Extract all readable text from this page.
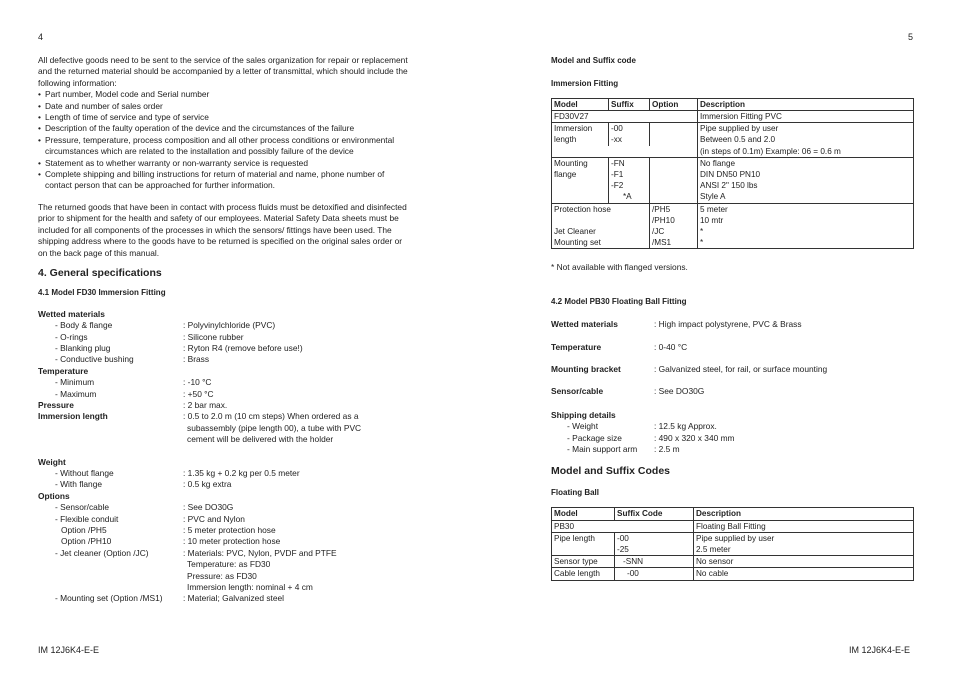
4

All defective goods need to be sent to the service of the sales organization for repair or replacement and the returned material should be accompanied by a letter of transmittal, which should include the following information:

• Part number, Model code and Serial number
• Date and number of sales order
• Length of time of service and type of service
• Description of the faulty operation of the device and the circumstances of the failure
• Pressure, temperature, process composition and all other process conditions or environmental circumstances which are related to the installation and possibly failure of the device
• Statement as to whether warranty or non-warranty service is requested
• Complete shipping and billing instructions for return of material and name, phone number of contact person that can be approached for further information.

The returned goods that have been in contact with process fluids must be detoxified and disinfected prior to shipment for the health and safety of our employees. Material Safety Data sheets must be included for all components of the processes in which the sensors/ fittings have been used. The shipping address where to the goods have to be returned is specified on the original sales order or on the back page of this manual.

4. General specifications

4.1 Model FD30 Immersion Fitting

Wetted materials

- Body & flange	: Polyvinylchloride (PVC)
- O-rings	: Silicone rubber
- Blanking plug	: Ryton R4 (remove before use!)
- Conductive bushing	: Brass

Temperature

- Minimum	: -10 °C
- Maximum	: +50 °C
Pressure	: 2 bar max.
Immersion length	: 0.5 to 2.0 m (10 cm steps) When ordered as a
subassembly (pipe length 00), a tube with PVC
cement will be delivered with the holder

Weight

- Without flange	: 1.35 kg + 0.2 kg per 0.5 meter
- With flange	: 0.5 kg extra

Options

- Sensor/cable	: See DO30G
- Flexible conduit	: PVC and Nylon
Option /PH5	: 5 meter protection hose
Option /PH10	: 10 meter protection hose
- Jet cleaner (Option /JC)	: Materials: PVC, Nylon, PVDF and PTFE
Temperature: as FD30
Pressure: as FD30
Immersion length: nominal + 4 cm
- Mounting set (Option /MS1)	: Material; Galvanized steel
IM 12J6K4-E-E
5

Model and Suffix code

Immersion Fitting

Model	Suffix	Option	Description
FD30V27			Immersion Fitting PVC
Immersion	-00		Pipe supplied by user
length	-xx		Between 0.5 and 2.0
			(in steps of 0.1m) Example: 06 = 0.6 m
Mounting	-FN		No flange
flange	-F1		DIN DN50 PN10
	-F2		ANSI 2" 150 lbs
	*A		Style A
Protection hose		/PH5	5 meter
		/PH10	10 mtr
Jet Cleaner		/JC	*
Mounting set		/MS1	*

* Not available with flanged versions.

4.2 Model PB30 Floating Ball Fitting

Wetted materials	: High impact polystyrene, PVC & Brass
Temperature	: 0-40 °C
Mounting bracket	: Galvanized steel, for rail, or surface mounting
Sensor/cable	: See DO30G

Shipping details

- Weight	: 12.5 kg Approx.
- Package size	: 490 x 320 x 340 mm
- Main support arm	: 2.5 m

Model and Suffix Codes

Floating Ball

Model	Suffix Code	Description
PB30		Floating Ball Fitting
Pipe length	-00	Pipe supplied by user
	-25	2.5 meter
Sensor type	-SNN	No sensor
Cable length	-00	No cable
IM 12J6K4-E-E
